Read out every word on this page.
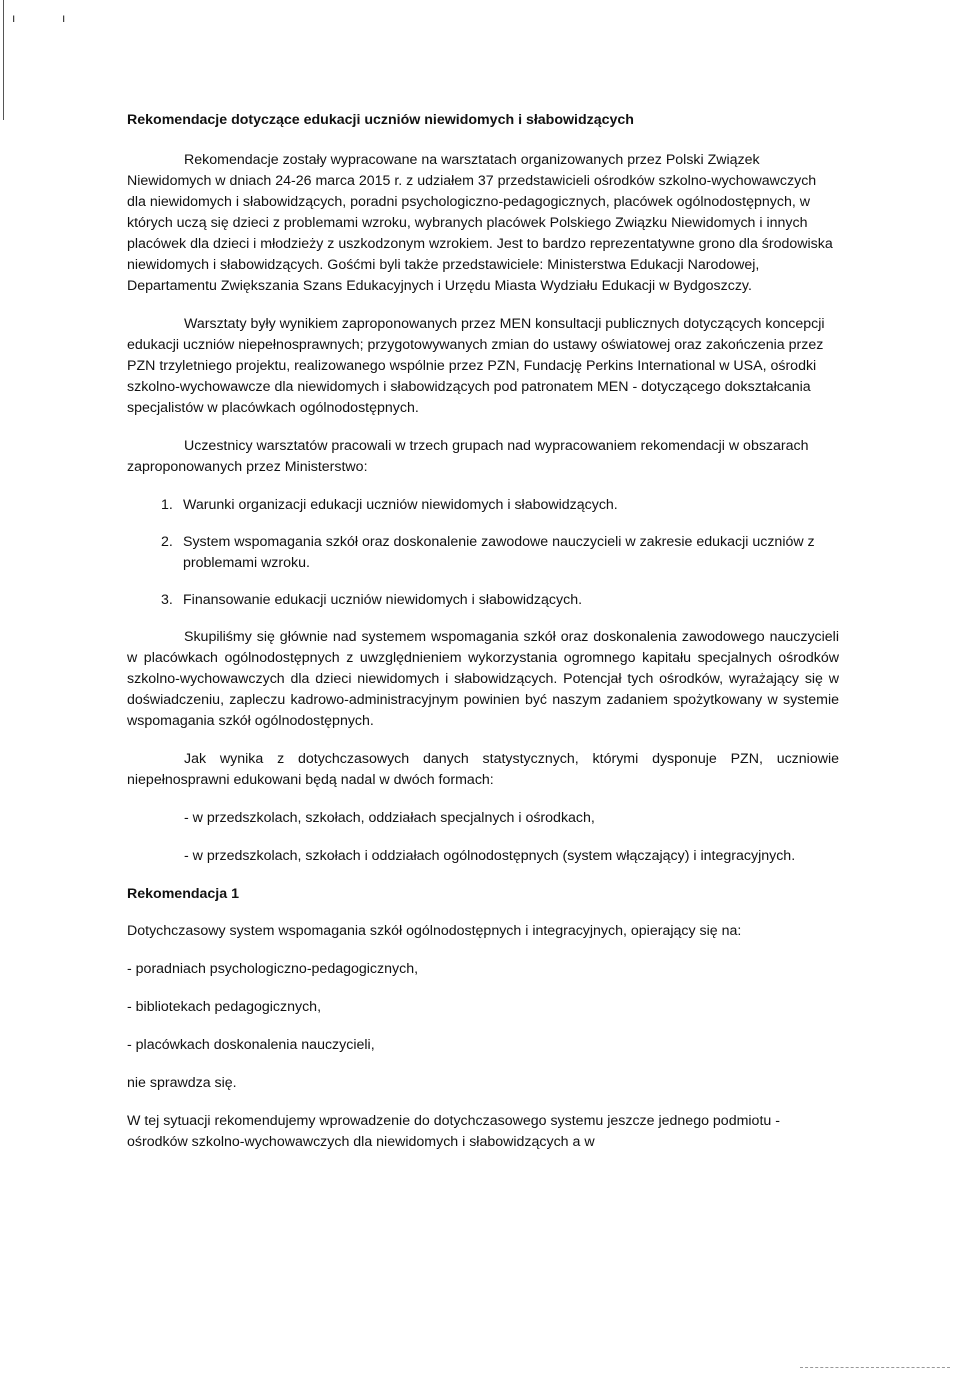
ı	ı
Rekomendacje dotyczące edukacji uczniów niewidomych i słabowidzących

Rekomendacje zostały wypracowane na warsztatach organizowanych przez Polski Związek Niewidomych w dniach 24-26 marca 2015 r. z udziałem 37 przedstawicieli ośrodków szkolno-wychowawczych dla niewidomych i słabowidzących, poradni psychologiczno-pedagogicznych, placówek ogólnodostępnych, w których uczą się dzieci z problemami wzroku, wybranych placówek Polskiego Związku Niewidomych i innych placówek dla dzieci i młodzieży z uszkodzonym wzrokiem. Jest to bardzo reprezentatywne grono dla środowiska niewidomych i słabowidzących. Gośćmi byli także przedstawiciele: Ministerstwa Edukacji Narodowej, Departamentu Zwiększania Szans Edukacyjnych i Urzędu Miasta Wydziału Edukacji w Bydgoszczy.

Warsztaty były wynikiem zaproponowanych przez MEN konsultacji publicznych dotyczących koncepcji edukacji uczniów niepełnosprawnych; przygotowywanych zmian do ustawy oświatowej oraz zakończenia przez PZN trzyletniego projektu, realizowanego wspólnie przez PZN, Fundację Perkins International w USA, ośrodki szkolno-wychowawcze dla niewidomych i słabowidzących pod patronatem MEN - dotyczącego dokształcania specjalistów w placówkach ogólnodostępnych.

Uczestnicy warsztatów pracowali w trzech grupach nad wypracowaniem rekomendacji w obszarach zaproponowanych przez Ministerstwo:

1. Warunki organizacji edukacji uczniów niewidomych i słabowidzących.
2. System wspomagania szkół oraz doskonalenie zawodowe nauczycieli w zakresie edukacji uczniów z problemami wzroku.
3. Finansowanie edukacji uczniów niewidomych i słabowidzących.

Skupiliśmy się głównie nad systemem wspomagania szkół oraz doskonalenia zawodowego nauczycieli w placówkach ogólnodostępnych z uwzględnieniem wykorzystania ogromnego kapitału specjalnych ośrodków szkolno-wychowawczych dla dzieci niewidomych i słabowidzących. Potencjał tych ośrodków, wyrażający się w doświadczeniu, zapleczu kadrowo-administracyjnym powinien być naszym zadaniem spożytkowany w systemie wspomagania szkół ogólnodostępnych.

Jak wynika z dotychczasowych danych statystycznych, którymi dysponuje PZN, uczniowie niepełnosprawni edukowani będą nadal w dwóch formach:

- w przedszkolach, szkołach, oddziałach specjalnych i ośrodkach,
- w przedszkolach, szkołach i oddziałach ogólnodostępnych (system włączający) i integracyjnych.
Rekomendacja 1
Dotychczasowy system wspomagania szkół ogólnodostępnych i integracyjnych, opierający się na:
- poradniach psychologiczno-pedagogicznych,
- bibliotekach pedagogicznych,
- placówkach doskonalenia nauczycieli,
nie sprawdza się.
W tej sytuacji rekomendujemy wprowadzenie do dotychczasowego systemu jeszcze jednego podmiotu - ośrodków szkolno-wychowawczych dla niewidomych i słabowidzących a w
